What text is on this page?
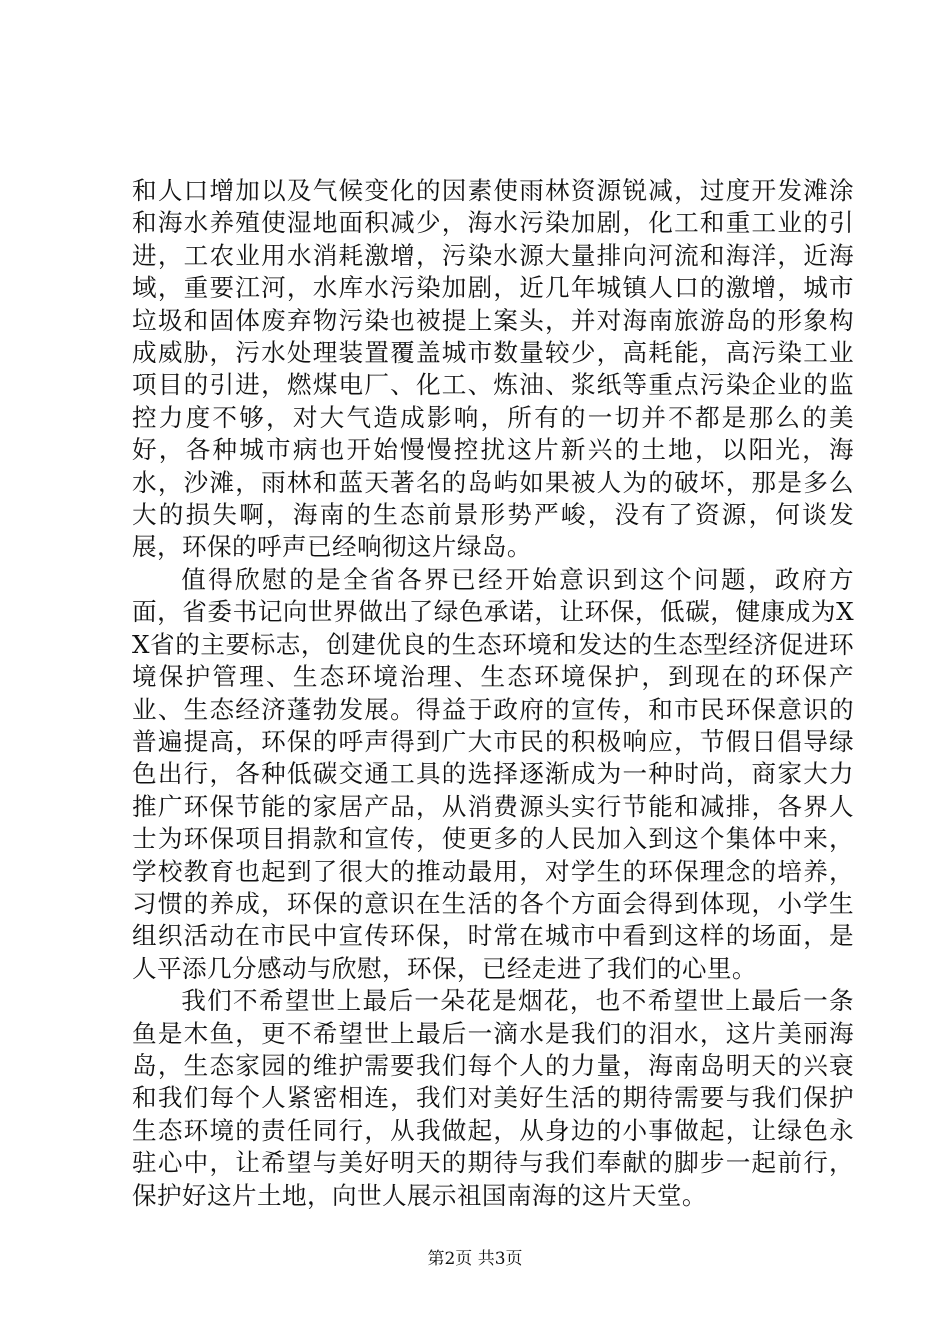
和人口增加以及气候变化的因素使雨林资源锐减，过度开发滩涂和海水养殖使湿地面积减少，海水污染加剧，化工和重工业的引进，工农业用水消耗激增，污染水源大量排向河流和海洋，近海域，重要江河，水库水污染加剧，近几年城镇人口的激增，城市垃圾和固体废弃物污染也被提上案头，并对海南旅游岛的形象构成威胁，污水处理装置覆盖城市数量较少，高耗能，高污染工业项目的引进，燃煤电厂、化工、炼油、浆纸等重点污染企业的监控力度不够，对大气造成影响，所有的一切并不都是那么的美好，各种城市病也开始慢慢控扰这片新兴的土地，以阳光，海水，沙滩，雨林和蓝天著名的岛屿如果被人为的破坏，那是多么大的损失啊，海南的生态前景形势严峻，没有了资源，何谈发展，环保的呼声已经响彻这片绿岛。

值得欣慰的是全省各界已经开始意识到这个问题，政府方面，省委书记向世界做出了绿色承诺，让环保，低碳，健康成为XX省的主要标志，创建优良的生态环境和发达的生态型经济促进环境保护管理、生态环境治理、生态环境保护，到现在的环保产业、生态经济蓬勃发展。得益于政府的宣传，和市民环保意识的普遍提高，环保的呼声得到广大市民的积极响应，节假日倡导绿色出行，各种低碳交通工具的选择逐渐成为一种时尚，商家大力推广环保节能的家居产品，从消费源头实行节能和减排，各界人士为环保项目捐款和宣传，使更多的人民加入到这个集体中来，学校教育也起到了很大的推动最用，对学生的环保理念的培养，习惯的养成，环保的意识在生活的各个方面会得到体现，小学生组织活动在市民中宣传环保，时常在城市中看到这样的场面，是人平添几分感动与欣慰，环保，已经走进了我们的心里。

我们不希望世上最后一朵花是烟花，也不希望世上最后一条鱼是木鱼，更不希望世上最后一滴水是我们的泪水，这片美丽海岛，生态家园的维护需要我们每个人的力量，海南岛明天的兴衰和我们每个人紧密相连，我们对美好生活的期待需要与我们保护生态环境的责任同行，从我做起，从身边的小事做起，让绿色永驻心中，让希望与美好明天的期待与我们奉献的脚步一起前行，保护好这片土地，向世人展示祖国南海的这片天堂。

第2页 共3页
